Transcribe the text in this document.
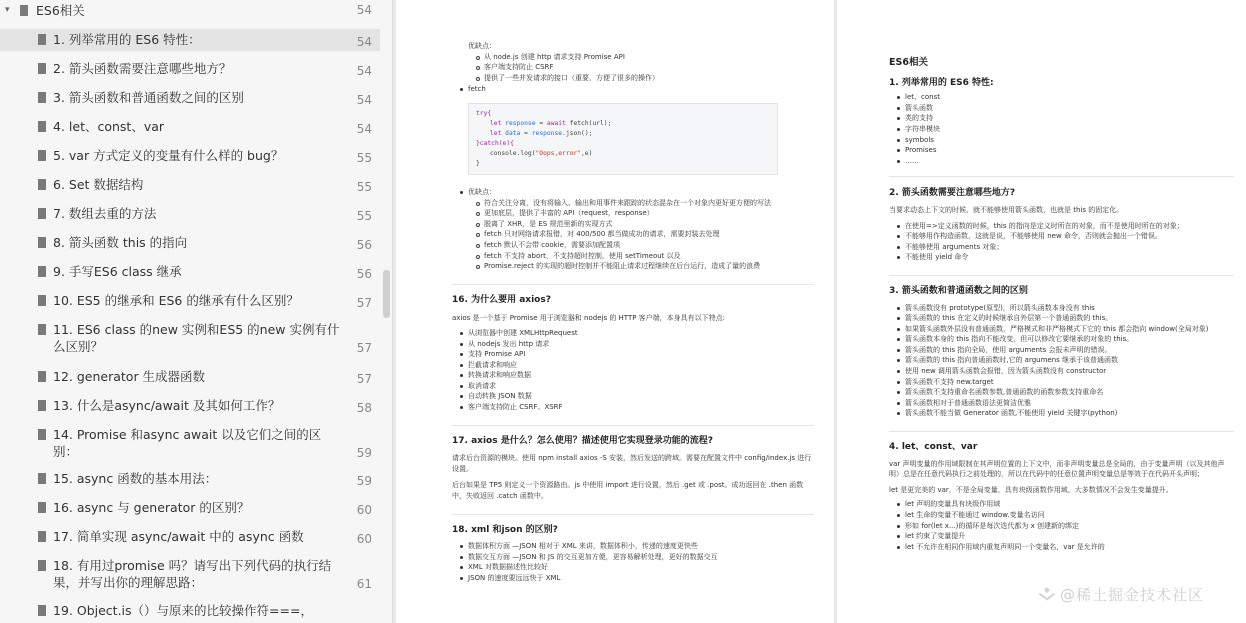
▾	ES6相关	54
1. 列举常用的 ES6 特性：	54
2. 箭头函数需要注意哪些地方？	54
3. 箭头函数和普通函数之间的区别	54
4. let、const、var	54
5. var 方式定义的变量有什么样的 bug？	55
6. Set 数据结构	55
7. 数组去重的方法	55
8. 箭头函数 this 的指向	56
9. 手写ES6 class 继承	56
10. ES5 的继承和 ES6 的继承有什么区别？	57
11. ES6 class 的new 实例和ES5 的new 实例有什么区别？	57
12. generator 生成器函数	57
13. 什么是async/await 及其如何工作？	58
14. Promise 和async await 以及它们之间的区别：	59
15. async 函数的基本用法：	59
16. async 与 generator 的区别？	60
17. 简单实现 async/await 中的 async 函数	60
18. 有用过promise 吗？请写出下列代码的执行结果，并写出你的理解思路：	61
19. Object.is（）与原来的比较操作符===，
优缺点：
从 node.js 创建 http 请求支持 Promise API
客户端支持防止 CSRF
提供了一些并发请求的接口（重要，方便了很多的操作）
fetch
try{
let response = await fetch(url);
let data = response.json();
}catch(e){
console.log("Oops,error",e)
}
优缺点：
符合关注分离，没有将输入、输出和用事件来跟踪的状态混杂在一个对象内更好更方便的写法
更加底层，提供了丰富的 API（request，response）
脱离了 XHR，是 ES 规范里新的实现方式
fetch 只对网络请求报错，对 400/500 都当做成功的请求，需要封装去处理
fetch 默认不会带 cookie，需要添加配置项
fetch 不支持 abort，不支持超时控制，使用 setTimeout 以及
Promise.reject 的实现的超时控制并不能阻止请求过程继续在后台运行，造成了量的浪费
16. 为什么要用 axios?
axios 是一个基于 Promise 用于浏览器和 nodejs 的 HTTP 客户端，本身具有以下特点:
从浏览器中创建 XMLHttpRequest
从 nodejs 发出 http 请求
支持 Promise API
拦截请求和响应
转换请求和响应数据
取消请求
自动转换 JSON 数据
客户端支持防止 CSRF、XSRF
17. axios 是什么？怎么使用？描述使用它实现登录功能的流程?
请求后台资源的模块。使用 npm install axios -S 安装，然后发送的跨域。需要在配置文件中 config/index.js 进行设置。
后台如果是 TP5 则定义一个资源路由。js 中使用 import 进行设置，然后 .get 或 .post。成功返回在 .then 函数中，失败返回 .catch 函数中。
18. xml 和json 的区别?
数据体积方面 —JSON 相对于 XML 来讲，数据体积小，传递的速度更快些
数据交互方面 —JSON 和 JS 的交互更加方便，更容易解析处理，更好的数据交互
XML 对数据描述性比较好
JSON 的速度要远远快于 XML
ES6相关
1. 列举常用的 ES6 特性:
let、const
箭头函数
类的支持
字符串模块
symbols
Promises
……
2. 箭头函数需要注意哪些地方?
当要求动态上下文的时候，就不能够使用箭头函数，也就是 this 的固定化。
在使用=>定义函数的时候，this 的指向是定义时所在的对象，而不是使用时所在的对象；
不能够用作构造函数，这就是说，不能够使用 new 命令，否则就会抛出一个错误。
不能够使用 arguments 对象；
不能使用 yield 命令
3. 箭头函数和普通函数之间的区别
箭头函数没有 prototype(原型)，所以箭头函数本身没有 this
箭头函数的 this 在定义的时候继承自外层第一个普通函数的 this。
如果箭头函数外层没有普通函数，严格模式和非严格模式下它的 this 都会指向 window(全局对象)
箭头函数本身的 this 指向不能改变，但可以修改它要继承的对象的 this。
箭头函数的 this 指向全局，使用 arguments 会报未声明的错误。
箭头函数的 this 指向普通函数时,它的 argumens 继承于该普通函数
使用 new 调用箭头函数会报错，因为箭头函数没有 constructor
箭头函数不支持 new.target
箭头函数不支持重命名函数参数,普通函数的函数参数支持重命名
箭头函数相对于普通函数语法更简洁优雅
箭头函数不能当做 Generator 函数,不能使用 yield 关键字(python)
4. let、const、var
var 声明变量的作用域限制在其声明位置的上下文中，而非声明变量总是全局的，由于变量声明（以及其他声明）总是在任意代码执行之前处理的，所以在代码中的任意位置声明变量总是等效于在代码开头声明；
let 是更完美的 var，不是全局变量，具有块级函数作用域，大多数情况不会发生变量提升。
let 声明的变量具有块级作用域
let 生命的变量不能通过 window.变量名访问
形如 for(let x...)的循环是每次迭代都为 x 创建新的绑定
let 约束了变量提升
let 不允许在相同作用域内重复声明同一个变量名，var 是允许的
@稀土掘金技术社区
